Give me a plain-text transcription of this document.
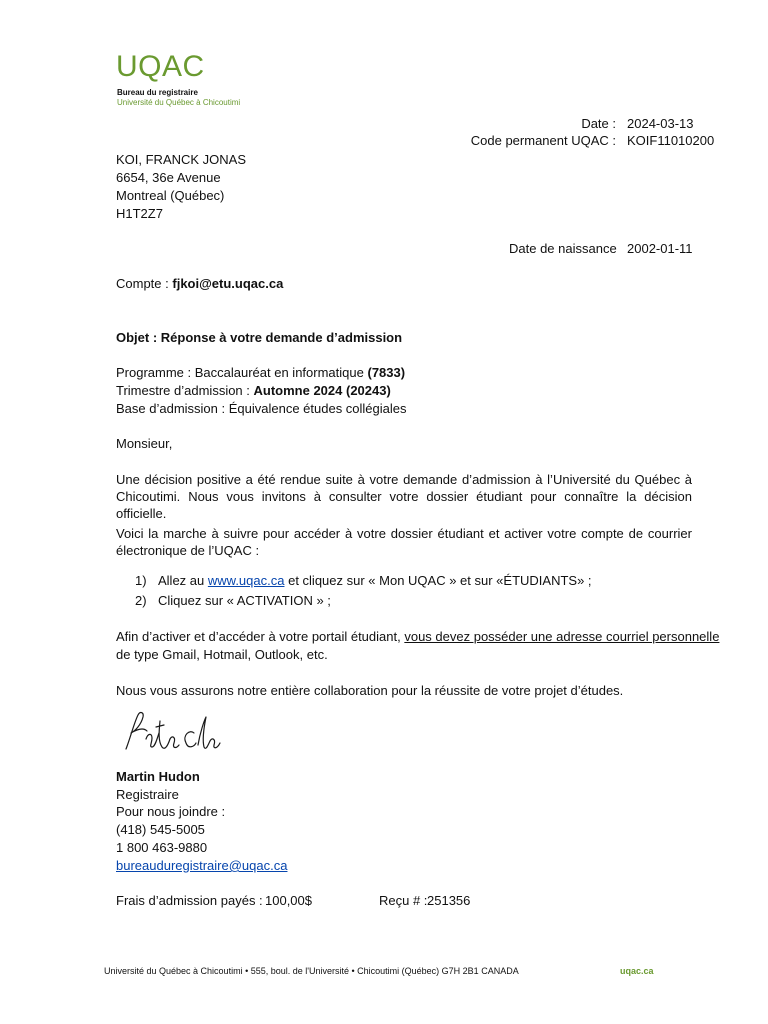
UQAC
Bureau du registraire
Université du Québec à Chicoutimi
Date : 2024-03-13
Code permanent UQAC : KOIF11010200
KOI, FRANCK JONAS
6654, 36e Avenue
Montreal (Québec)
H1T2Z7
Date de naissance 2002-01-11
Compte : fjkoi@etu.uqac.ca
Objet : Réponse à votre demande d’admission
Programme : Baccalauréat en informatique (7833)
Trimestre d’admission : Automne 2024 (20243)
Base d’admission : Équivalence études collégiales
Monsieur,
Une décision positive a été rendue suite à votre demande d’admission à l’Université du Québec à Chicoutimi. Nous vous invitons à consulter votre dossier étudiant pour connaître la décision officielle.
Voici la marche à suivre pour accéder à votre dossier étudiant et activer votre compte de courrier électronique de l’UQAC :
1) Allez au www.uqac.ca et cliquez sur « Mon UQAC » et sur «ÉTUDIANTS» ;
2) Cliquez sur « ACTIVATION » ;
Afin d’activer et d’accéder à votre portail étudiant, vous devez posséder une adresse courriel personnelle
de type Gmail, Hotmail, Outlook, etc.
Nous vous assurons notre entière collaboration pour la réussite de votre projet d’études.
Martin Hudon
Registraire
Pour nous joindre :
(418) 545-5005
1 800 463-9880
bureauduregistraire@uqac.ca
Frais d’admission payés : 100,00$	Reçu # : 251356
Université du Québec à Chicoutimi • 555, boul. de l'Université • Chicoutimi (Québec) G7H 2B1 CANADA	uqac.ca
